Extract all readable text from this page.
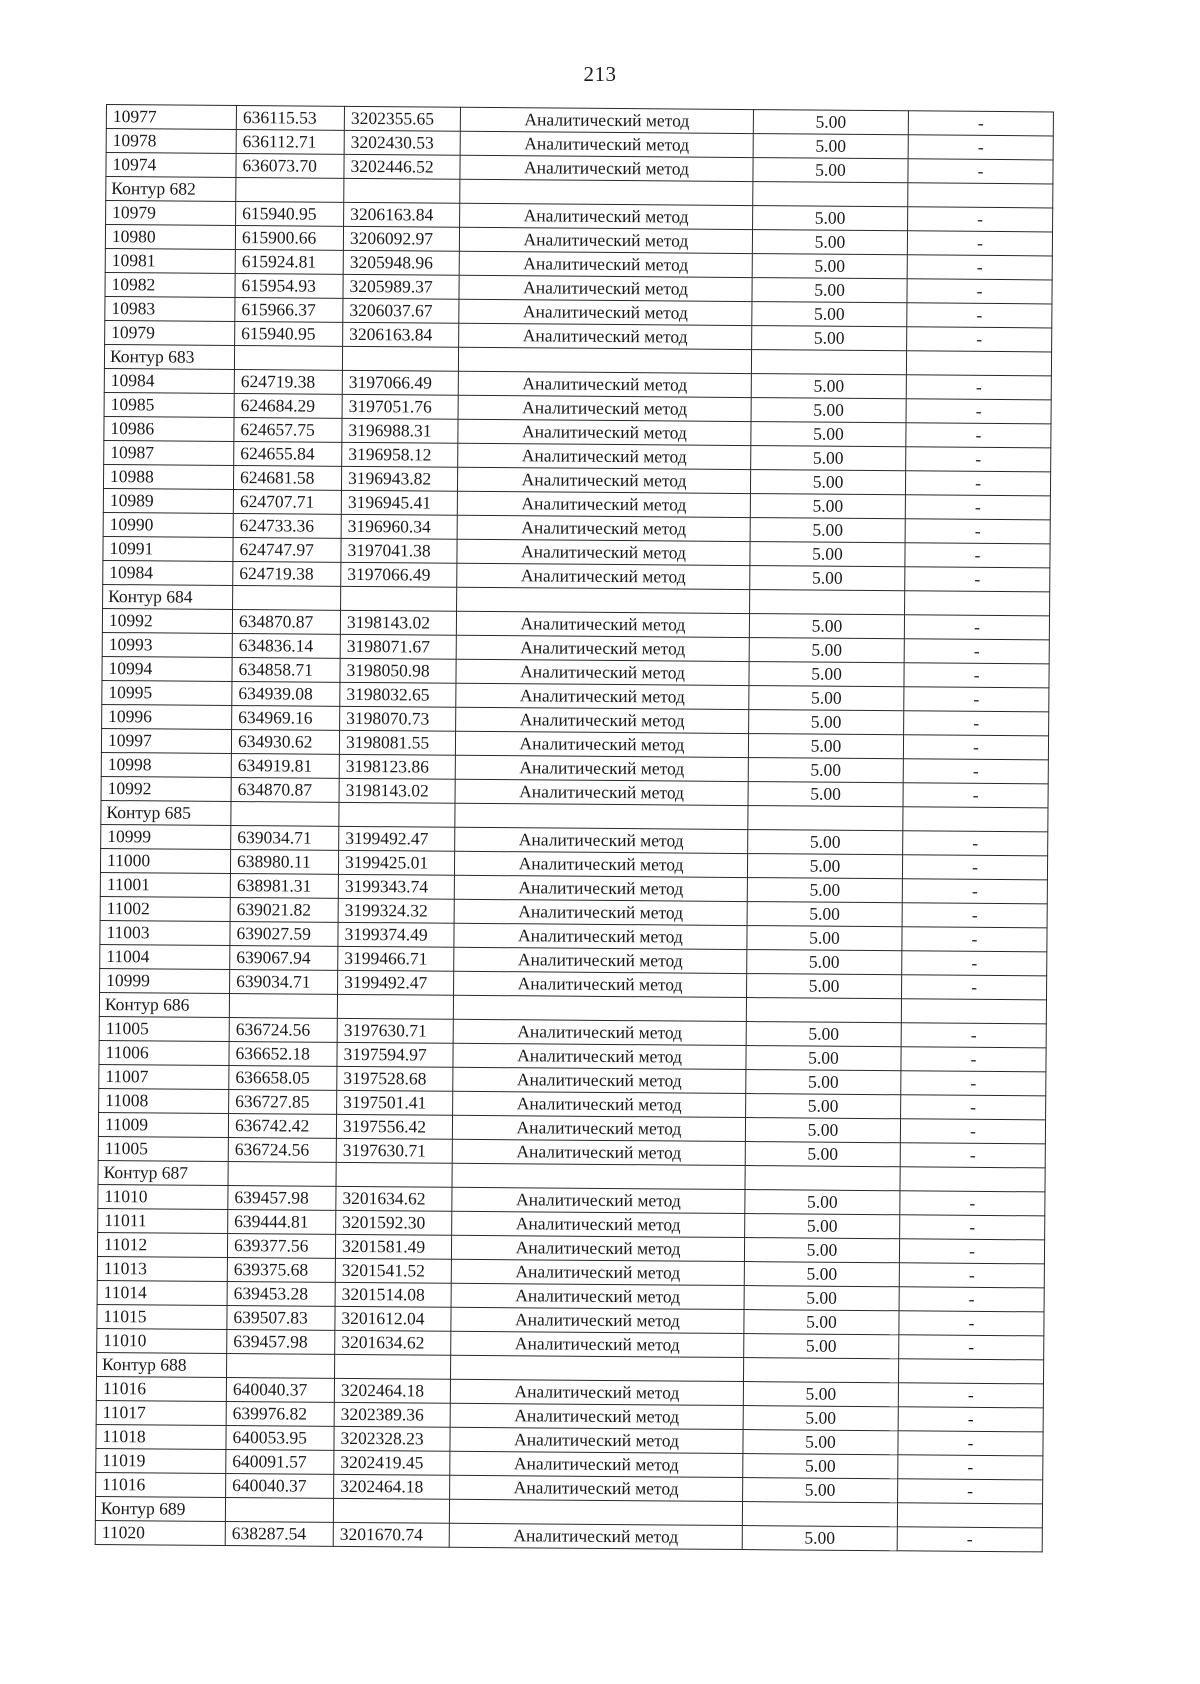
213
10977	636115.53	3202355.65	Аналитический метод	5.00	-
10978	636112.71	3202430.53	Аналитический метод	5.00	-
10974	636073.70	3202446.52	Аналитический метод	5.00	-
Контур 682					
10979	615940.95	3206163.84	Аналитический метод	5.00	-
10980	615900.66	3206092.97	Аналитический метод	5.00	-
10981	615924.81	3205948.96	Аналитический метод	5.00	-
10982	615954.93	3205989.37	Аналитический метод	5.00	-
10983	615966.37	3206037.67	Аналитический метод	5.00	-
10979	615940.95	3206163.84	Аналитический метод	5.00	-
Контур 683					
10984	624719.38	3197066.49	Аналитический метод	5.00	-
10985	624684.29	3197051.76	Аналитический метод	5.00	-
10986	624657.75	3196988.31	Аналитический метод	5.00	-
10987	624655.84	3196958.12	Аналитический метод	5.00	-
10988	624681.58	3196943.82	Аналитический метод	5.00	-
10989	624707.71	3196945.41	Аналитический метод	5.00	-
10990	624733.36	3196960.34	Аналитический метод	5.00	-
10991	624747.97	3197041.38	Аналитический метод	5.00	-
10984	624719.38	3197066.49	Аналитический метод	5.00	-
Контур 684					
10992	634870.87	3198143.02	Аналитический метод	5.00	-
10993	634836.14	3198071.67	Аналитический метод	5.00	-
10994	634858.71	3198050.98	Аналитический метод	5.00	-
10995	634939.08	3198032.65	Аналитический метод	5.00	-
10996	634969.16	3198070.73	Аналитический метод	5.00	-
10997	634930.62	3198081.55	Аналитический метод	5.00	-
10998	634919.81	3198123.86	Аналитический метод	5.00	-
10992	634870.87	3198143.02	Аналитический метод	5.00	-
Контур 685					
10999	639034.71	3199492.47	Аналитический метод	5.00	-
11000	638980.11	3199425.01	Аналитический метод	5.00	-
11001	638981.31	3199343.74	Аналитический метод	5.00	-
11002	639021.82	3199324.32	Аналитический метод	5.00	-
11003	639027.59	3199374.49	Аналитический метод	5.00	-
11004	639067.94	3199466.71	Аналитический метод	5.00	-
10999	639034.71	3199492.47	Аналитический метод	5.00	-
Контур 686					
11005	636724.56	3197630.71	Аналитический метод	5.00	-
11006	636652.18	3197594.97	Аналитический метод	5.00	-
11007	636658.05	3197528.68	Аналитический метод	5.00	-
11008	636727.85	3197501.41	Аналитический метод	5.00	-
11009	636742.42	3197556.42	Аналитический метод	5.00	-
11005	636724.56	3197630.71	Аналитический метод	5.00	-
Контур 687					
11010	639457.98	3201634.62	Аналитический метод	5.00	-
11011	639444.81	3201592.30	Аналитический метод	5.00	-
11012	639377.56	3201581.49	Аналитический метод	5.00	-
11013	639375.68	3201541.52	Аналитический метод	5.00	-
11014	639453.28	3201514.08	Аналитический метод	5.00	-
11015	639507.83	3201612.04	Аналитический метод	5.00	-
11010	639457.98	3201634.62	Аналитический метод	5.00	-
Контур 688					
11016	640040.37	3202464.18	Аналитический метод	5.00	-
11017	639976.82	3202389.36	Аналитический метод	5.00	-
11018	640053.95	3202328.23	Аналитический метод	5.00	-
11019	640091.57	3202419.45	Аналитический метод	5.00	-
11016	640040.37	3202464.18	Аналитический метод	5.00	-
Контур 689					
11020	638287.54	3201670.74	Аналитический метод	5.00	-
